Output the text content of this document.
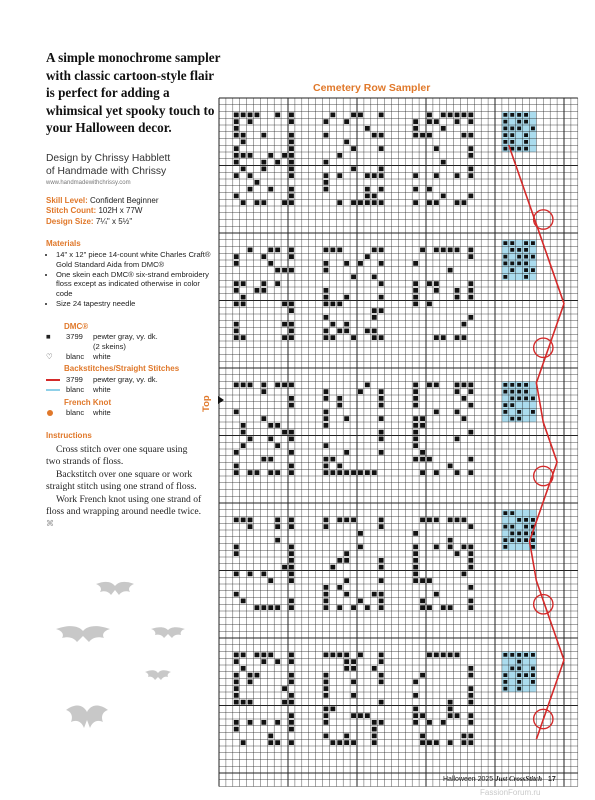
A simple monochrome sampler with classic cartoon-style flair is perfect for adding a whimsical yet spooky touch to your Halloween decor.
Design by Chrissy Habblett
of Handmade with Chrissy
www.handmadewithchrissy.com
Skill Level: Confident Beginner
Stitch Count: 102H x 77W
Design Size: 7¼" x 5½"
Materials
• 14" x 12" piece 14-count white Charles Craft® Gold Standard Aida from DMC®
• One skein each DMC® six-strand embroidery floss except as indicated otherwise in color code
• Size 24 tapestry needle
DMC®
■ 3799 pewter gray, vy. dk.
(2 skeins)
♡ blanc white
Backstitches/Straight Stitches
3799 pewter gray, vy. dk.
blanc white
French Knot
blanc white
Instructions

Cross stitch over one square using two strands of floss.

Backstitch over one square or work straight stitch using one strand of floss.

Work French knot using one strand of floss and wrapping around needle twice. ⌘

Cemetery Row Sampler
Top
Halloween 2025 Just CrossStitch 17
FassionForum.ru
